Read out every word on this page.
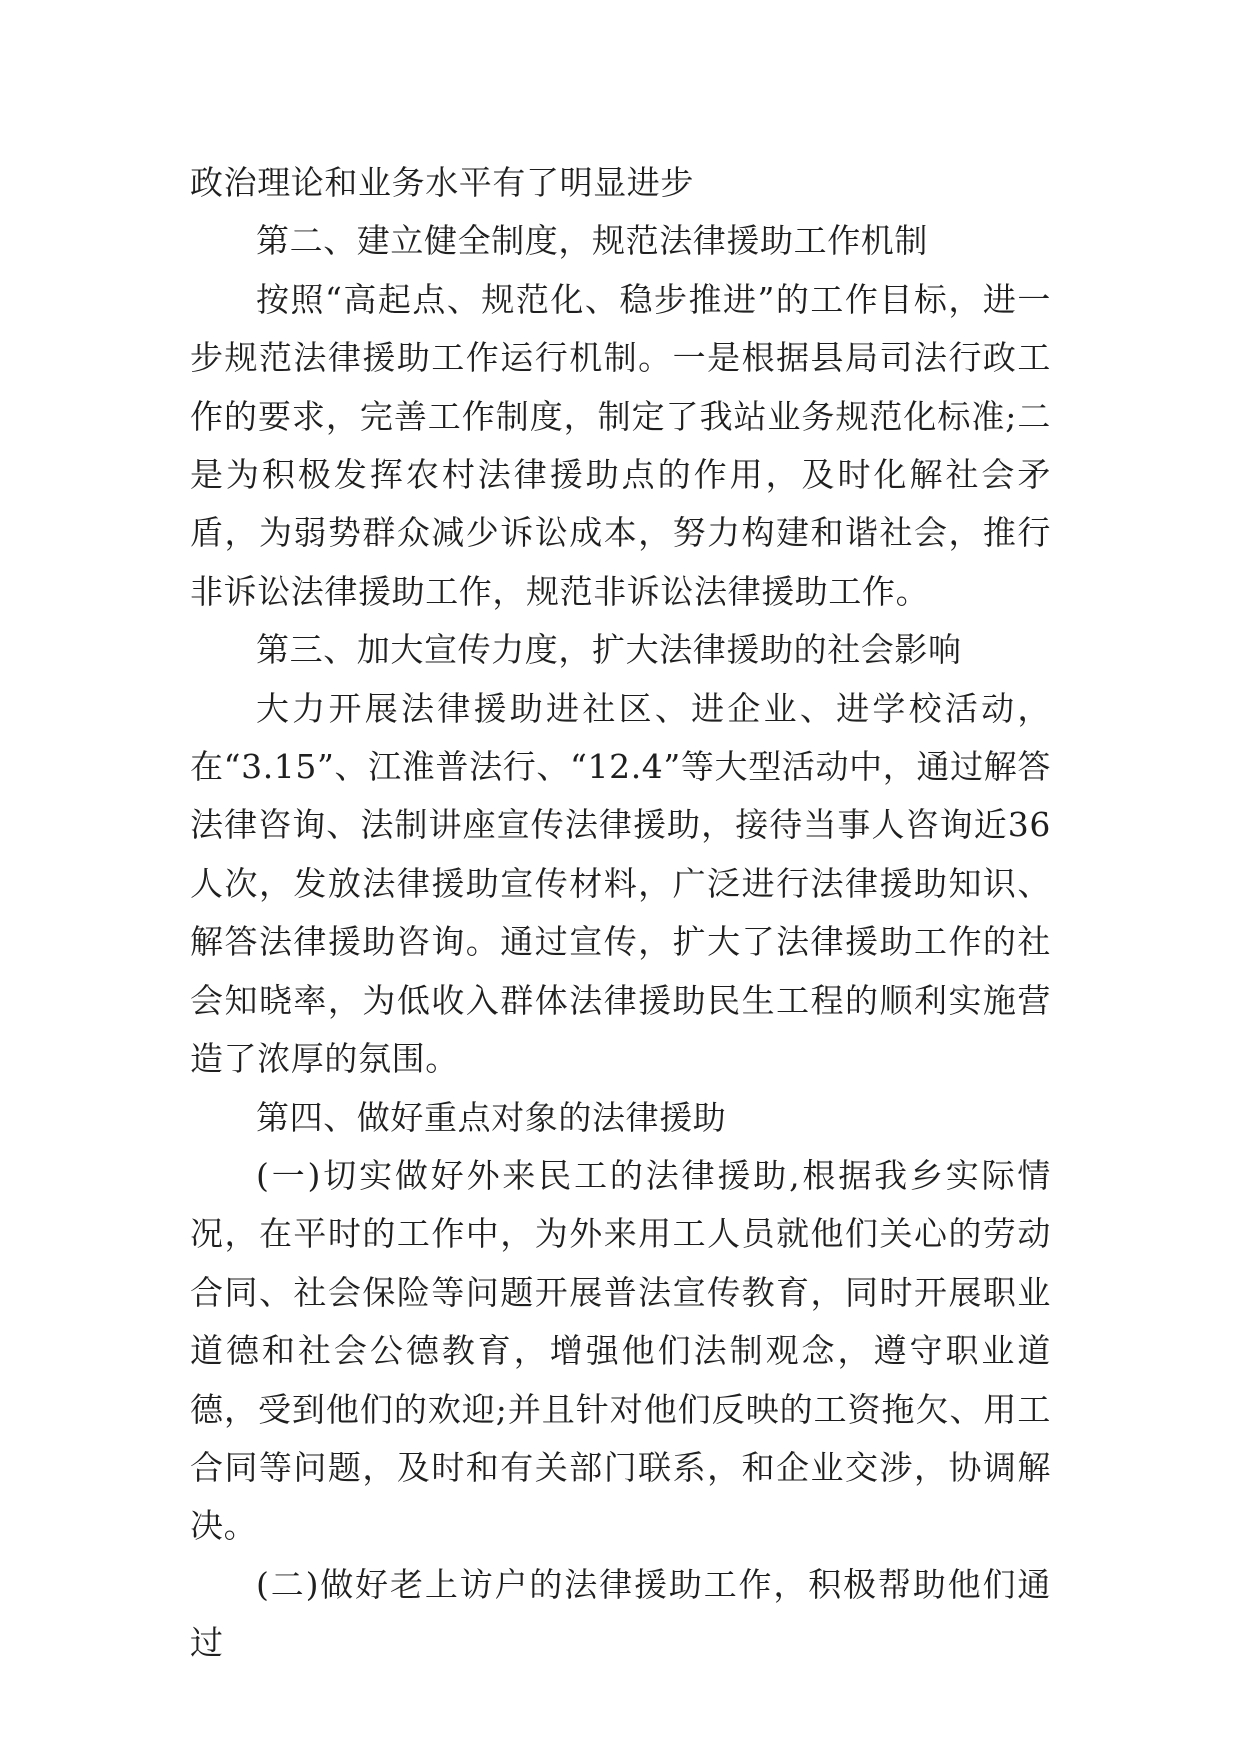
政治理论和业务水平有了明显进步

第二、建立健全制度，规范法律援助工作机制

按照“高起点、规范化、稳步推进”的工作目标，进一步规范法律援助工作运行机制。一是根据县局司法行政工作的要求，完善工作制度，制定了我站业务规范化标准;二是为积极发挥农村法律援助点的作用，及时化解社会矛盾，为弱势群众减少诉讼成本，努力构建和谐社会，推行非诉讼法律援助工作，规范非诉讼法律援助工作。

第三、加大宣传力度，扩大法律援助的社会影响

大力开展法律援助进社区、进企业、进学校活动，在“3.15”、江淮普法行、“12.4”等大型活动中，通过解答法律咨询、法制讲座宣传法律援助，接待当事人咨询近36人次，发放法律援助宣传材料，广泛进行法律援助知识、解答法律援助咨询。通过宣传，扩大了法律援助工作的社会知晓率，为低收入群体法律援助民生工程的顺利实施营造了浓厚的氛围。

第四、做好重点对象的法律援助

(一)切实做好外来民工的法律援助,根据我乡实际情况，在平时的工作中，为外来用工人员就他们关心的劳动合同、社会保险等问题开展普法宣传教育，同时开展职业道德和社会公德教育，增强他们法制观念，遵守职业道德，受到他们的欢迎;并且针对他们反映的工资拖欠、用工合同等问题，及时和有关部门联系，和企业交涉，协调解决。

(二)做好老上访户的法律援助工作，积极帮助他们通过
